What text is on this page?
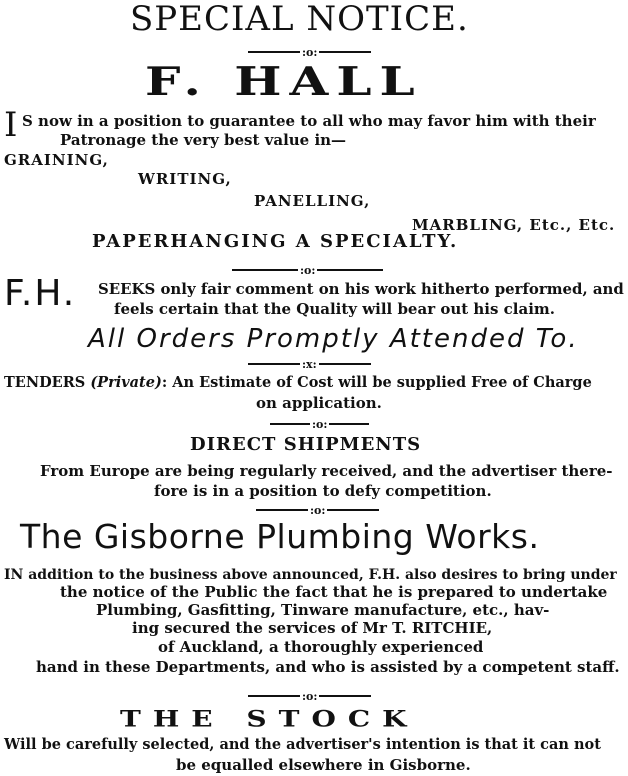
SPECIAL NOTICE.
:o:
F. HALL
I S now in a position to guarantee to all who may favor him with their
Patronage the very best value in—
GRAINING,
WRITING,
PANELLING,
MARBLING, Etc., Etc.
PAPERHANGING A SPECIALTY.
:o:
F.H. SEEKS only fair comment on his work hitherto performed, and
feels certain that the Quality will bear out his claim.
All Orders Promptly Attended To.
:x:
TENDERS (Private): An Estimate of Cost will be supplied Free of Charge
on application.
:o:
DIRECT SHIPMENTS
From Europe are being regularly received, and the advertiser there-
fore is in a position to defy competition.
:o:
The Gisborne Plumbing Works.
IN addition to the business above announced, F.H. also desires to bring under
the notice of the Public the fact that he is prepared to undertake
Plumbing, Gasfitting, Tinware manufacture, etc., hav-
ing secured the services of Mr T. RITCHIE,
of Auckland, a thoroughly experienced
hand in these Departments, and who is assisted by a competent staff.
:o:
THE STOCK
Will be carefully selected, and the advertiser's intention is that it can not
be equalled elsewhere in Gisborne.
